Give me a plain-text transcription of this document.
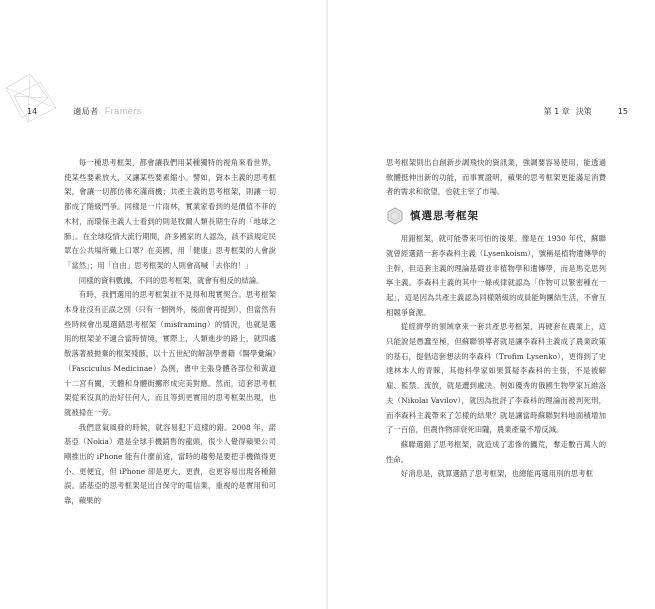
14	適局者 Framers

每一種思考框架，都會讓我們用某種獨特的視角來看世界，使某些要素放大，又讓某些要素縮小。譬如，資本主義的思考框架，會讓一切都仿佛充滿商機；共產主義的思考框架，則讓一切都成了階級鬥爭。同樣是一片雨林，實業家看到的是價值不菲的木材，而環保主義人士看到的則是牧爾人類長期生存的「地球之肺」。在全球疫情大流行期間，許多國家的人認為，該不該規定民眾在公共場所戴上口罩？在美國，用「健康」思考框架的人會說「當然」；用「自由」思考框架的人則會高喊「去你的！」

同樣的資料數據，不同的思考框架，就會有相反的結論。

有時，我們選用的思考框架並不見得和現實契合。思考框架本身並沒有正誤之別（只有一個例外，後面會再提到），但當然有些時候會出現選錯思考框架（misframing）的情況，也就是選用的框架並不適合當時情境，實際上，人類進步的路上，就四處散落著被拋棄的框架殘骸，以十五世紀的解剖學書籍《醫學彙編》（Fasciculus Medicinae）為例，書中主張身體各部位和黃道十二宮有關，天體和身體街擲形成完美對應。然而，這套思考框架從來沒真的治好任何人，而且等到更實用的思考框架出現，也就被掃在一旁。

我們意氣風發的時候，就容易犯下這樣的錯。2008 年，諾基亞（Nokia）還是全球手機銷售的龍頭，很少人覺得蘋果公司剛推出的 iPhone 能有什麼前途，當時的趨勢是要把手機做得更小、更便宜，但 iPhone 卻是更大、更貴，也更容易出現各種錯誤。諾基亞的思考框架是出自保守的電信業，重視的是實用和可靠，蘋果的

第 1 章 決策	15

思考框架則出自創新步調飛快的資訊業，強調要容易使用、能透過軟體挺伸出新的功能，而事實證明，蘋果的思考框架更能滿足消費者的需求和欲望，也就主宰了市場。

慎選思考框架

用錯框架，就可能帶來可怕的後果。像是在 1930 年代，蘇聯就曾經選錯一套李森科主義（Lysenkoism），號稱是植物遺傳學的主幹，但這套主義的理論基礎並非植物學和遺傳學，而是馬克思列寧主義。李森科主義的其中一條戒律就認為「作物可以緊密種在一起」，這是因為共產主義認為同樣階級的成員能夠團結生活，不會互相競爭資源。

從經濟學的領域拿來一套共產思考框架，再硬套在農業上，這只能說是愚蠢至極，但蘇聯領導者就是讓李森科主義成了農業政策的基石，提倡這套想法的李森科（Trofim Lysenko），更得到了史達林本人的青睞，其他科學家如果質疑李森科的主張，不是被解雇、監禁、流放，就是遭到處決。例如優秀的俄國生物學家瓦維洛夫（Nikolai Vavilov），就因為批評了李森科的理論而被判死刑，而李森科主義帶來了怎樣的結果？就是讓當時蘇聯對料地面積增加了一百倍，但農作物卻衰死田隴，農業產量不增反減。

蘇聯選錯了思考框架，就造成了悲慘的饑荒，奪走數百萬人的性命。

好消息是，就算選錯了思考框架，也總能再選用別的思考框
